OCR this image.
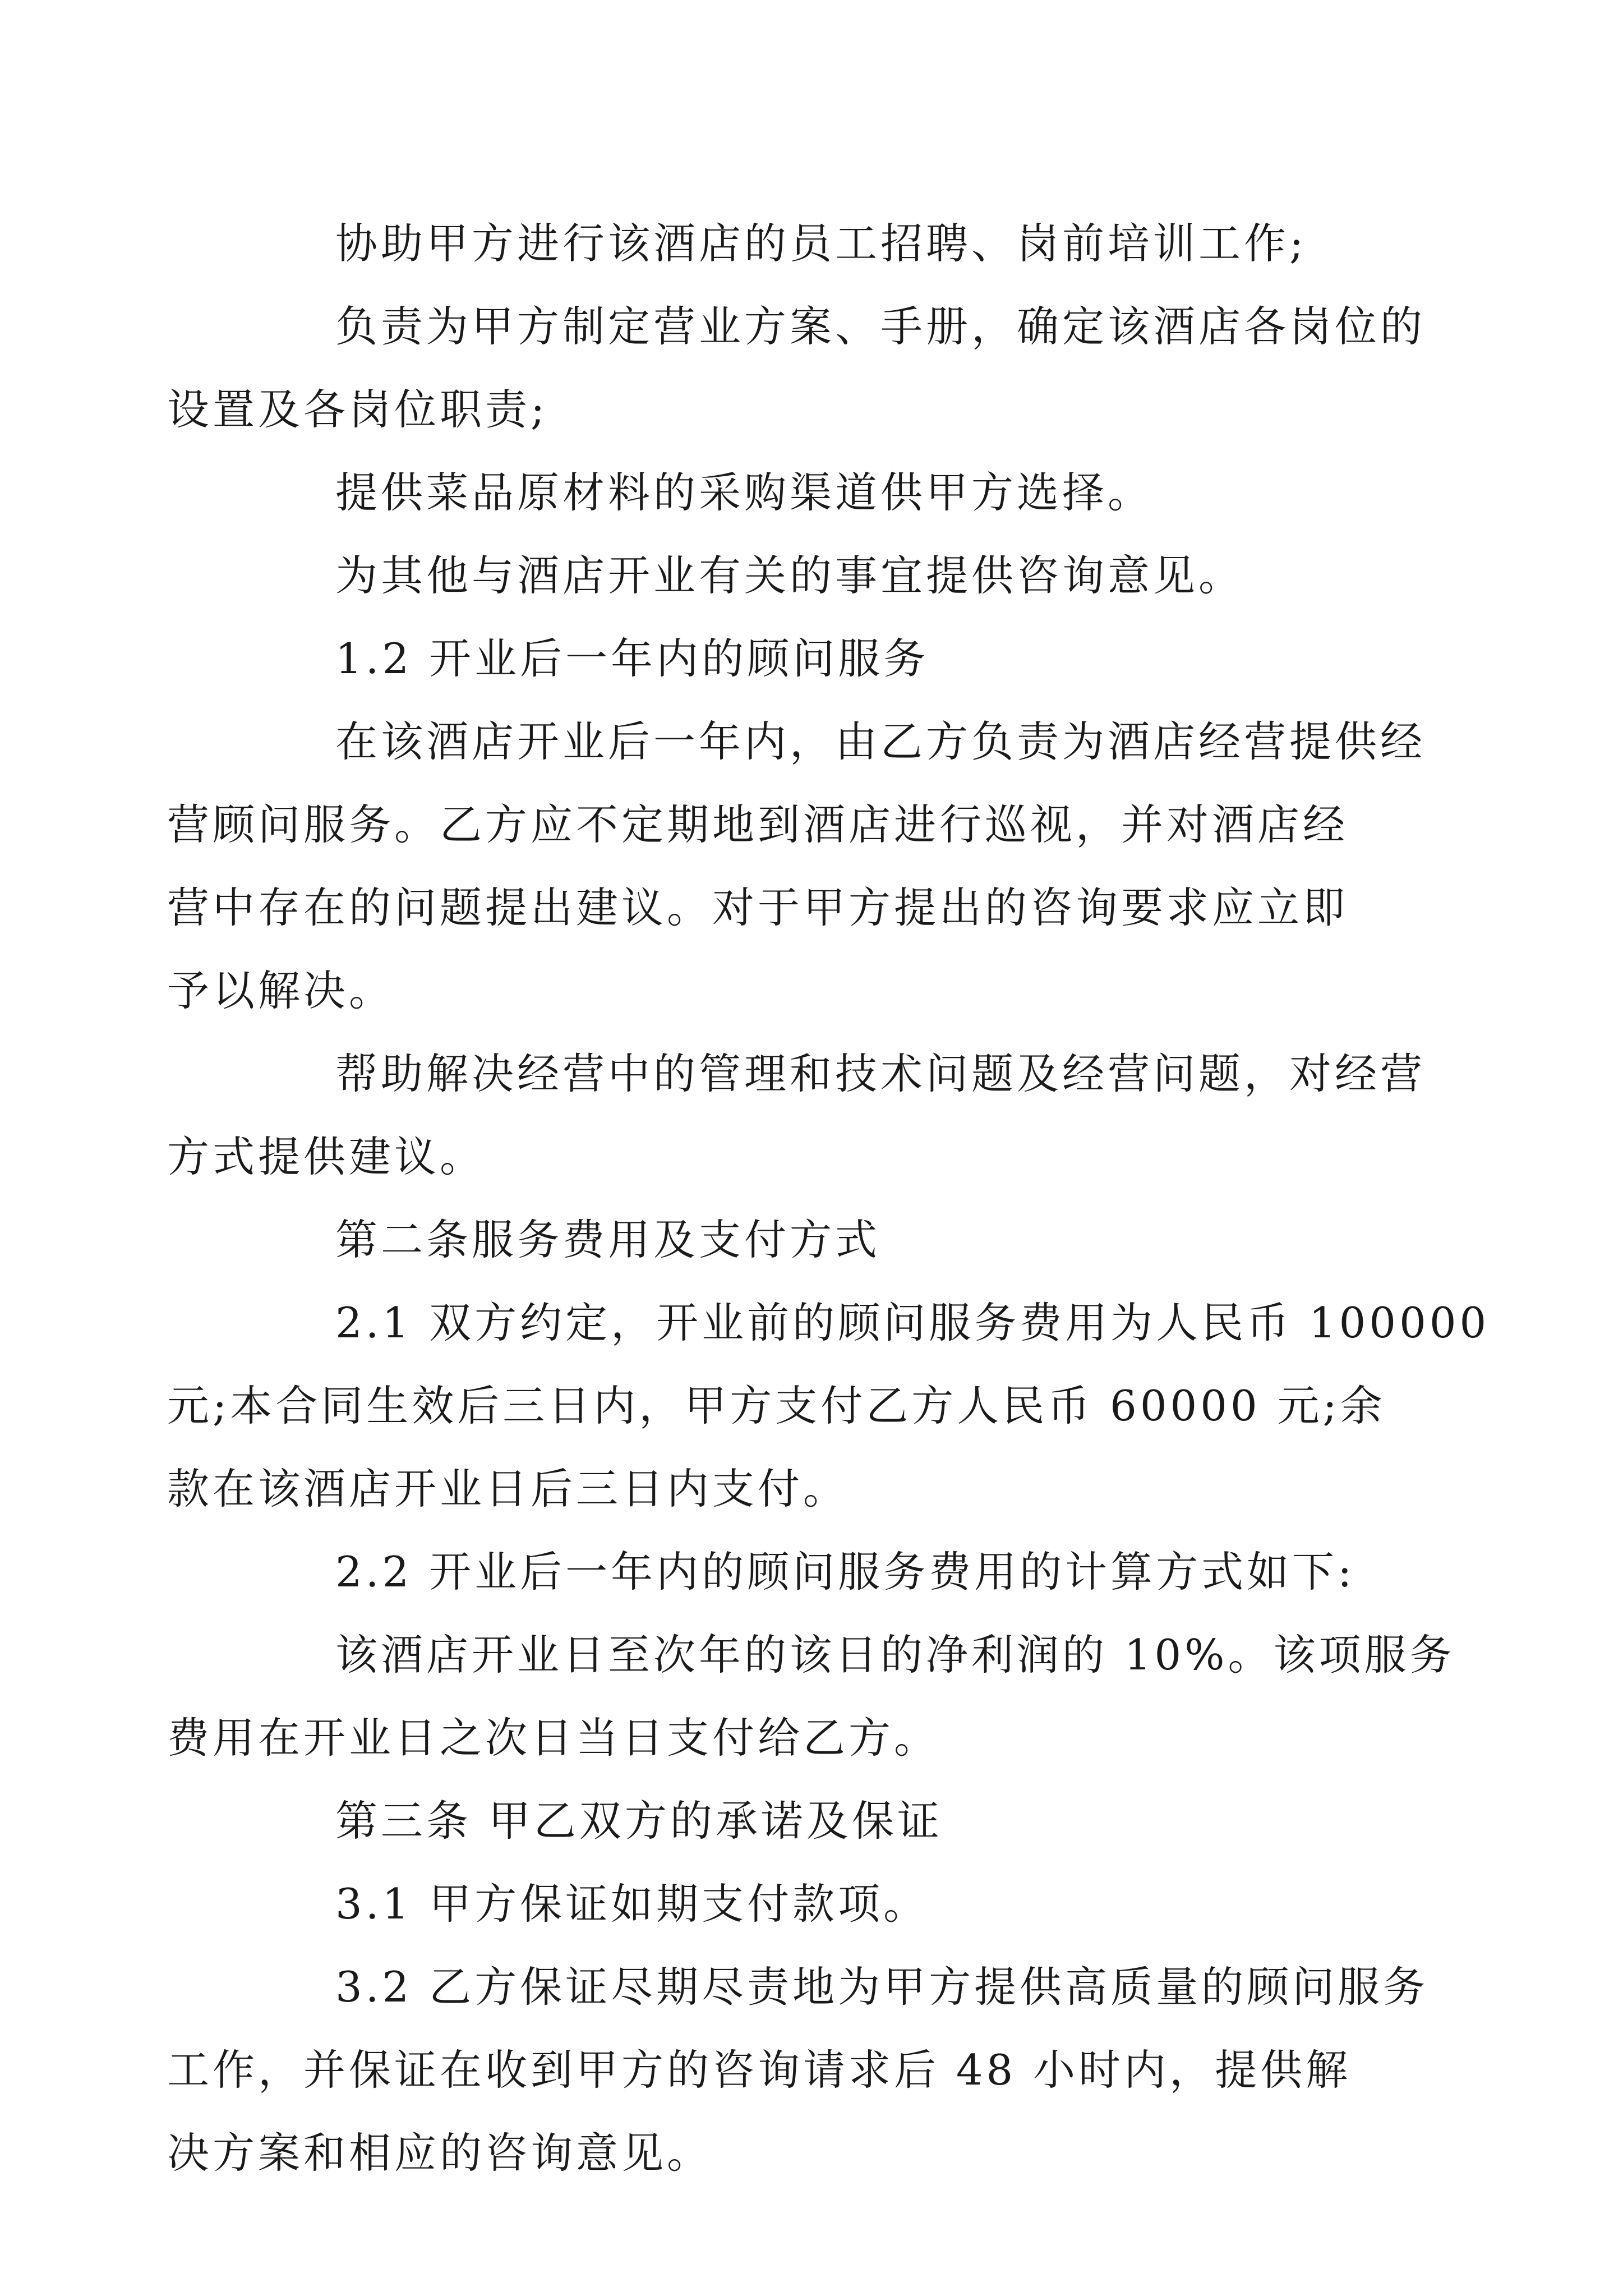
协助甲方进行该酒店的员工招聘、岗前培训工作;

负责为甲方制定营业方案、手册，确定该酒店各岗位的
设置及各岗位职责;

提供菜品原材料的采购渠道供甲方选择。

为其他与酒店开业有关的事宜提供咨询意见。

1.2 开业后一年内的顾问服务

在该酒店开业后一年内，由乙方负责为酒店经营提供经
营顾问服务。乙方应不定期地到酒店进行巡视，并对酒店经
营中存在的问题提出建议。对于甲方提出的咨询要求应立即
予以解决。

帮助解决经营中的管理和技术问题及经营问题，对经营
方式提供建议。

第二条服务费用及支付方式

2.1 双方约定，开业前的顾问服务费用为人民币 100000
元;本合同生效后三日内，甲方支付乙方人民币 60000 元;余
款在该酒店开业日后三日内支付。

2.2 开业后一年内的顾问服务费用的计算方式如下:

该酒店开业日至次年的该日的净利润的 10%。该项服务
费用在开业日之次日当日支付给乙方。

第三条 甲乙双方的承诺及保证

3.1 甲方保证如期支付款项。

3.2 乙方保证尽期尽责地为甲方提供高质量的顾问服务
工作，并保证在收到甲方的咨询请求后 48 小时内，提供解
决方案和相应的咨询意见。
